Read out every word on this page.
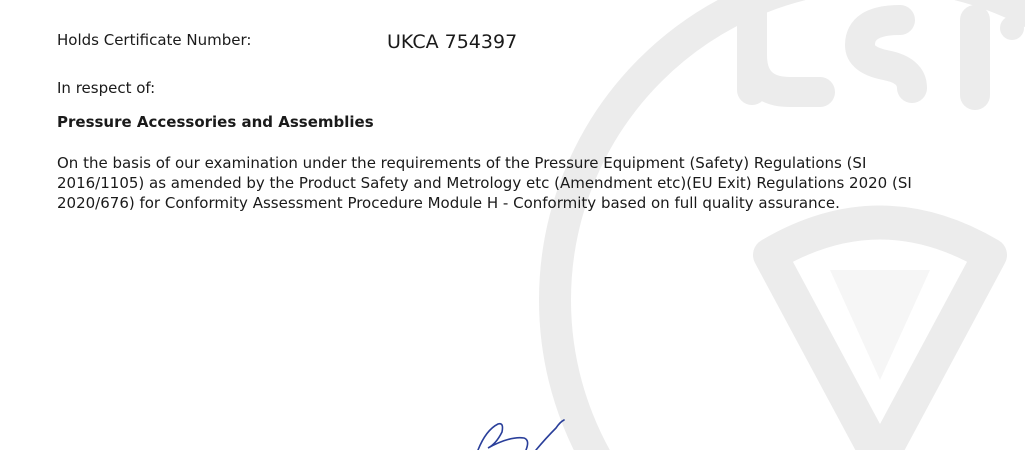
Holds Certificate Number:	UKCA 754397
In respect of:
Pressure Accessories and Assemblies
On the basis of our examination under the requirements of the Pressure Equipment (Safety) Regulations (SI
2016/1105) as amended by the Product Safety and Metrology etc (Amendment etc)(EU Exit) Regulations 2020 (SI
2020/676) for Conformity Assessment Procedure Module H - Conformity based on full quality assurance.
